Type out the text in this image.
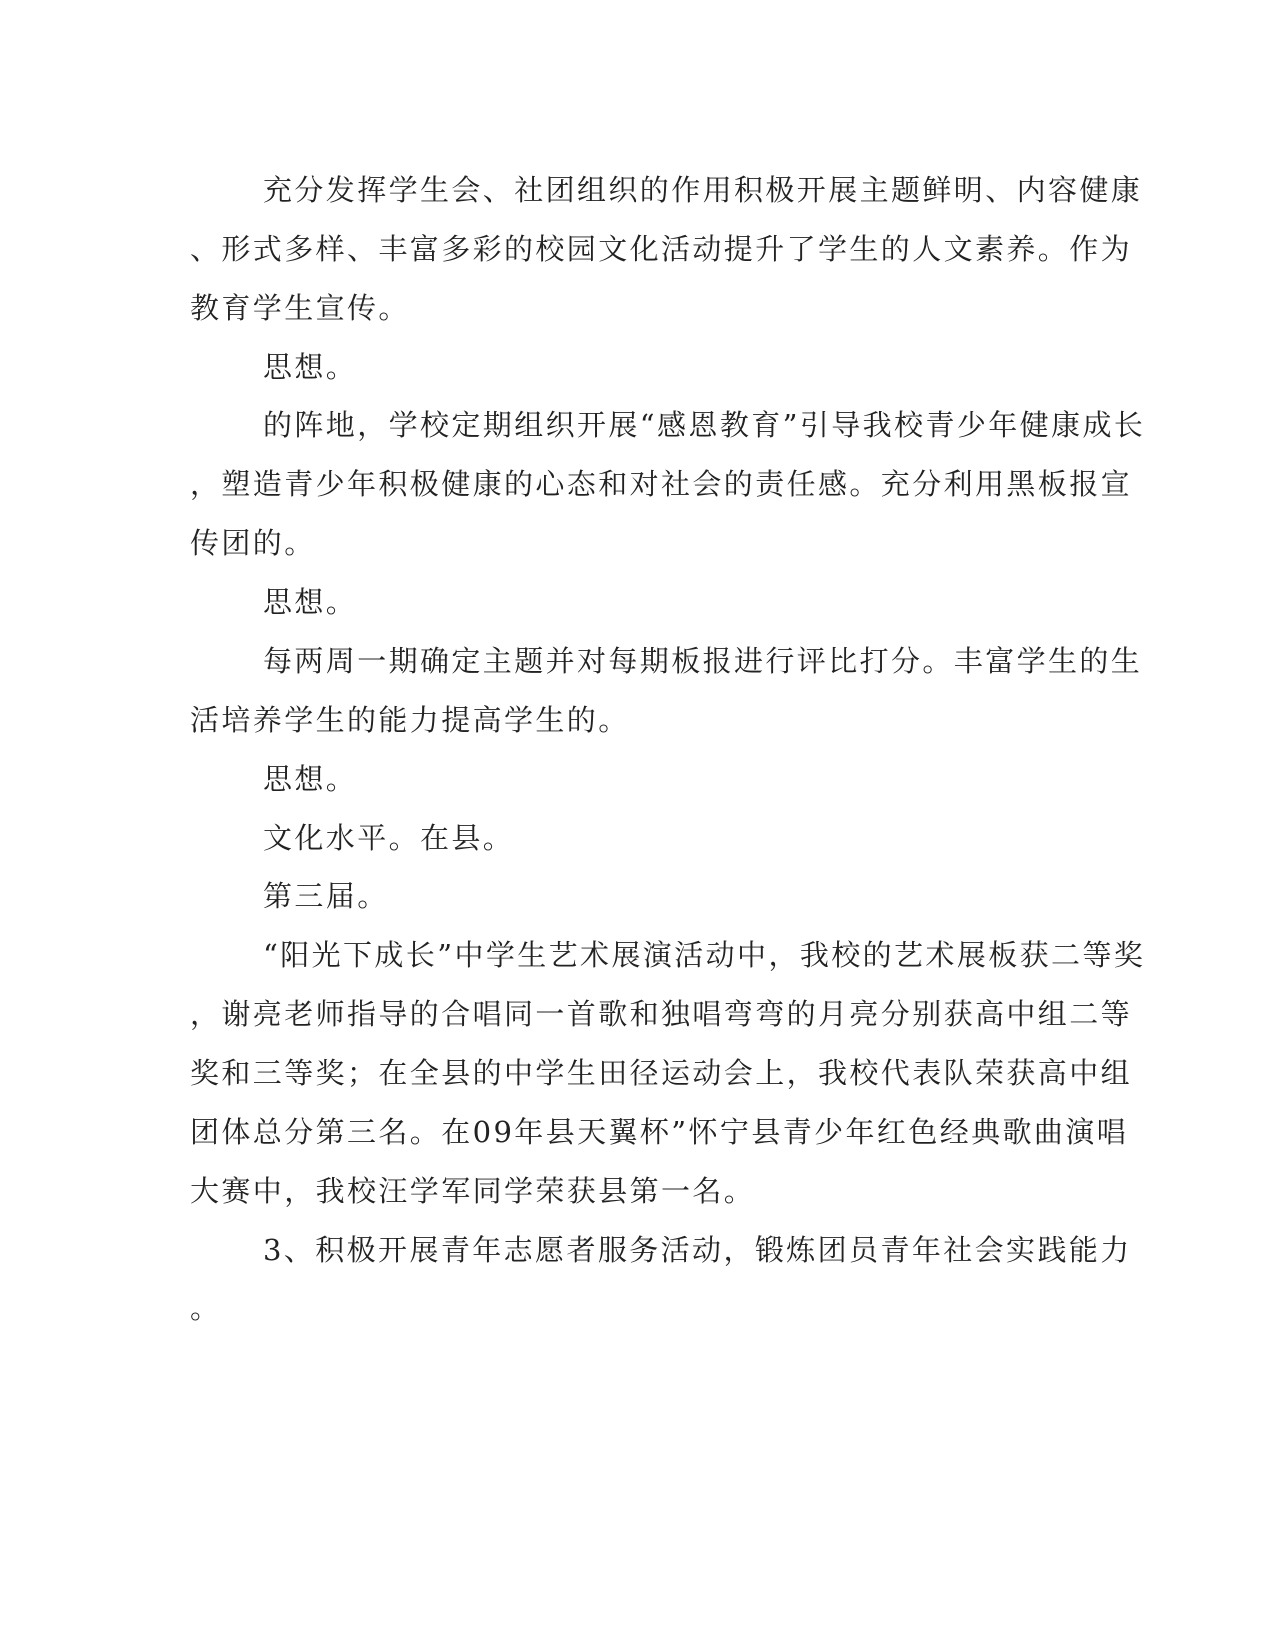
充分发挥学生会、社团组织的作用积极开展主题鲜明、内容健康

、形式多样、丰富多彩的校园文化活动提升了学生的人文素养。作为

教育学生宣传。

思想。

的阵地，学校定期组织开展“感恩教育”引导我校青少年健康成长

，塑造青少年积极健康的心态和对社会的责任感。充分利用黑板报宣

传团的。

思想。

每两周一期确定主题并对每期板报进行评比打分。丰富学生的生

活培养学生的能力提高学生的。

思想。

文化水平。在县。

第三届。

“阳光下成长”中学生艺术展演活动中，我校的艺术展板获二等奖

，谢亮老师指导的合唱同一首歌和独唱弯弯的月亮分别获高中组二等

奖和三等奖；在全县的中学生田径运动会上，我校代表队荣获高中组

团体总分第三名。在09年县天翼杯”怀宁县青少年红色经典歌曲演唱

大赛中，我校汪学军同学荣获县第一名。

3、积极开展青年志愿者服务活动，锻炼团员青年社会实践能力

。
